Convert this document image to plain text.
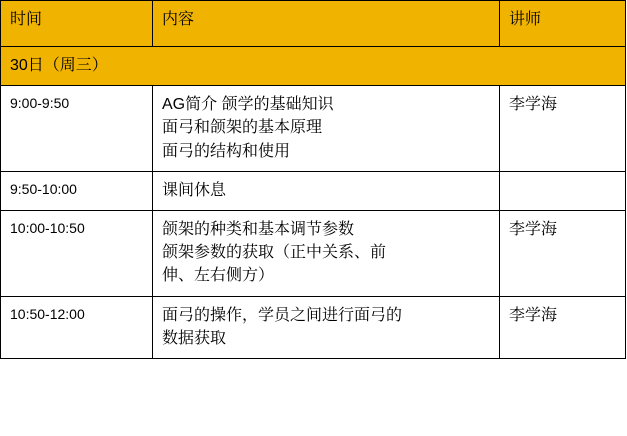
时间	内容	讲师
30日（周三）		
9:00-9:50	AG简介 颌学的基础知识
面弓和颌架的基本原理
面弓的结构和使用	李学海
9:50-10:00	课间休息	

10:00-10:50	颌架的种类和基本调节参数
颌架参数的获取（正中关系、前
伸、左右侧方）	李学海
10:50-12:00	面弓的操作，学员之间进行面弓的
数据获取	李学海
